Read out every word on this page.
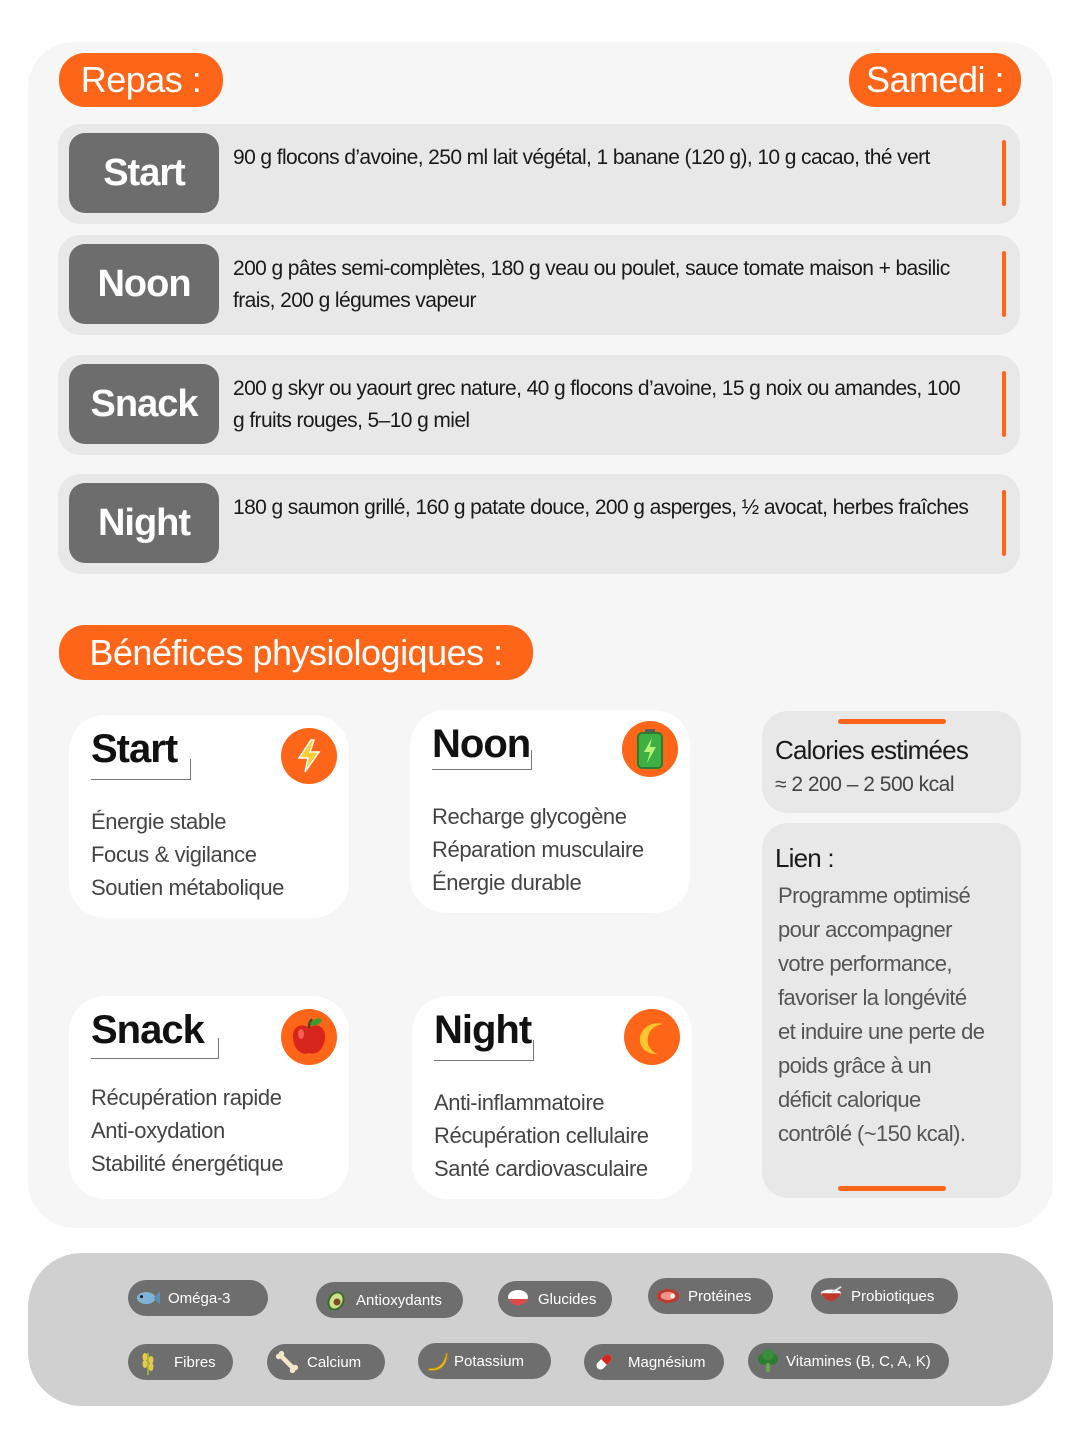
Repas :	Samedi :
Start	90 g flocons d’avoine, 250 ml lait végétal, 1 banane (120 g), 10 g cacao, thé vert
Noon	200 g pâtes semi-complètes, 180 g veau ou poulet, sauce tomate maison + basilic frais, 200 g légumes vapeur
Snack	200 g skyr ou yaourt grec nature, 40 g flocons d’avoine, 15 g noix ou amandes, 100 g fruits rouges, 5–10 g miel
Night	180 g saumon grillé, 160 g patate douce, 200 g asperges, ½ avocat, herbes fraîches
Bénéfices physiologiques :
Start
Énergie stable
Focus & vigilance
Soutien métabolique
Noon
Recharge glycogène
Réparation musculaire
Énergie durable
Snack
Récupération rapide
Anti-oxydation
Stabilité énergétique
Night
Anti-inflammatoire
Récupération cellulaire
Santé cardiovasculaire
Calories estimées
≈ 2 200 – 2 500 kcal
Lien :
Programme optimisé
pour accompagner
votre performance,
favoriser la longévité
et induire une perte de
poids grâce à un
déficit calorique
contrôlé (~150 kcal).
Oméga-3	Antioxydants	Glucides	Protéines	Probiotiques
Fibres	Calcium	Potassium	Magnésium	Vitamines (B, C, A, K)
